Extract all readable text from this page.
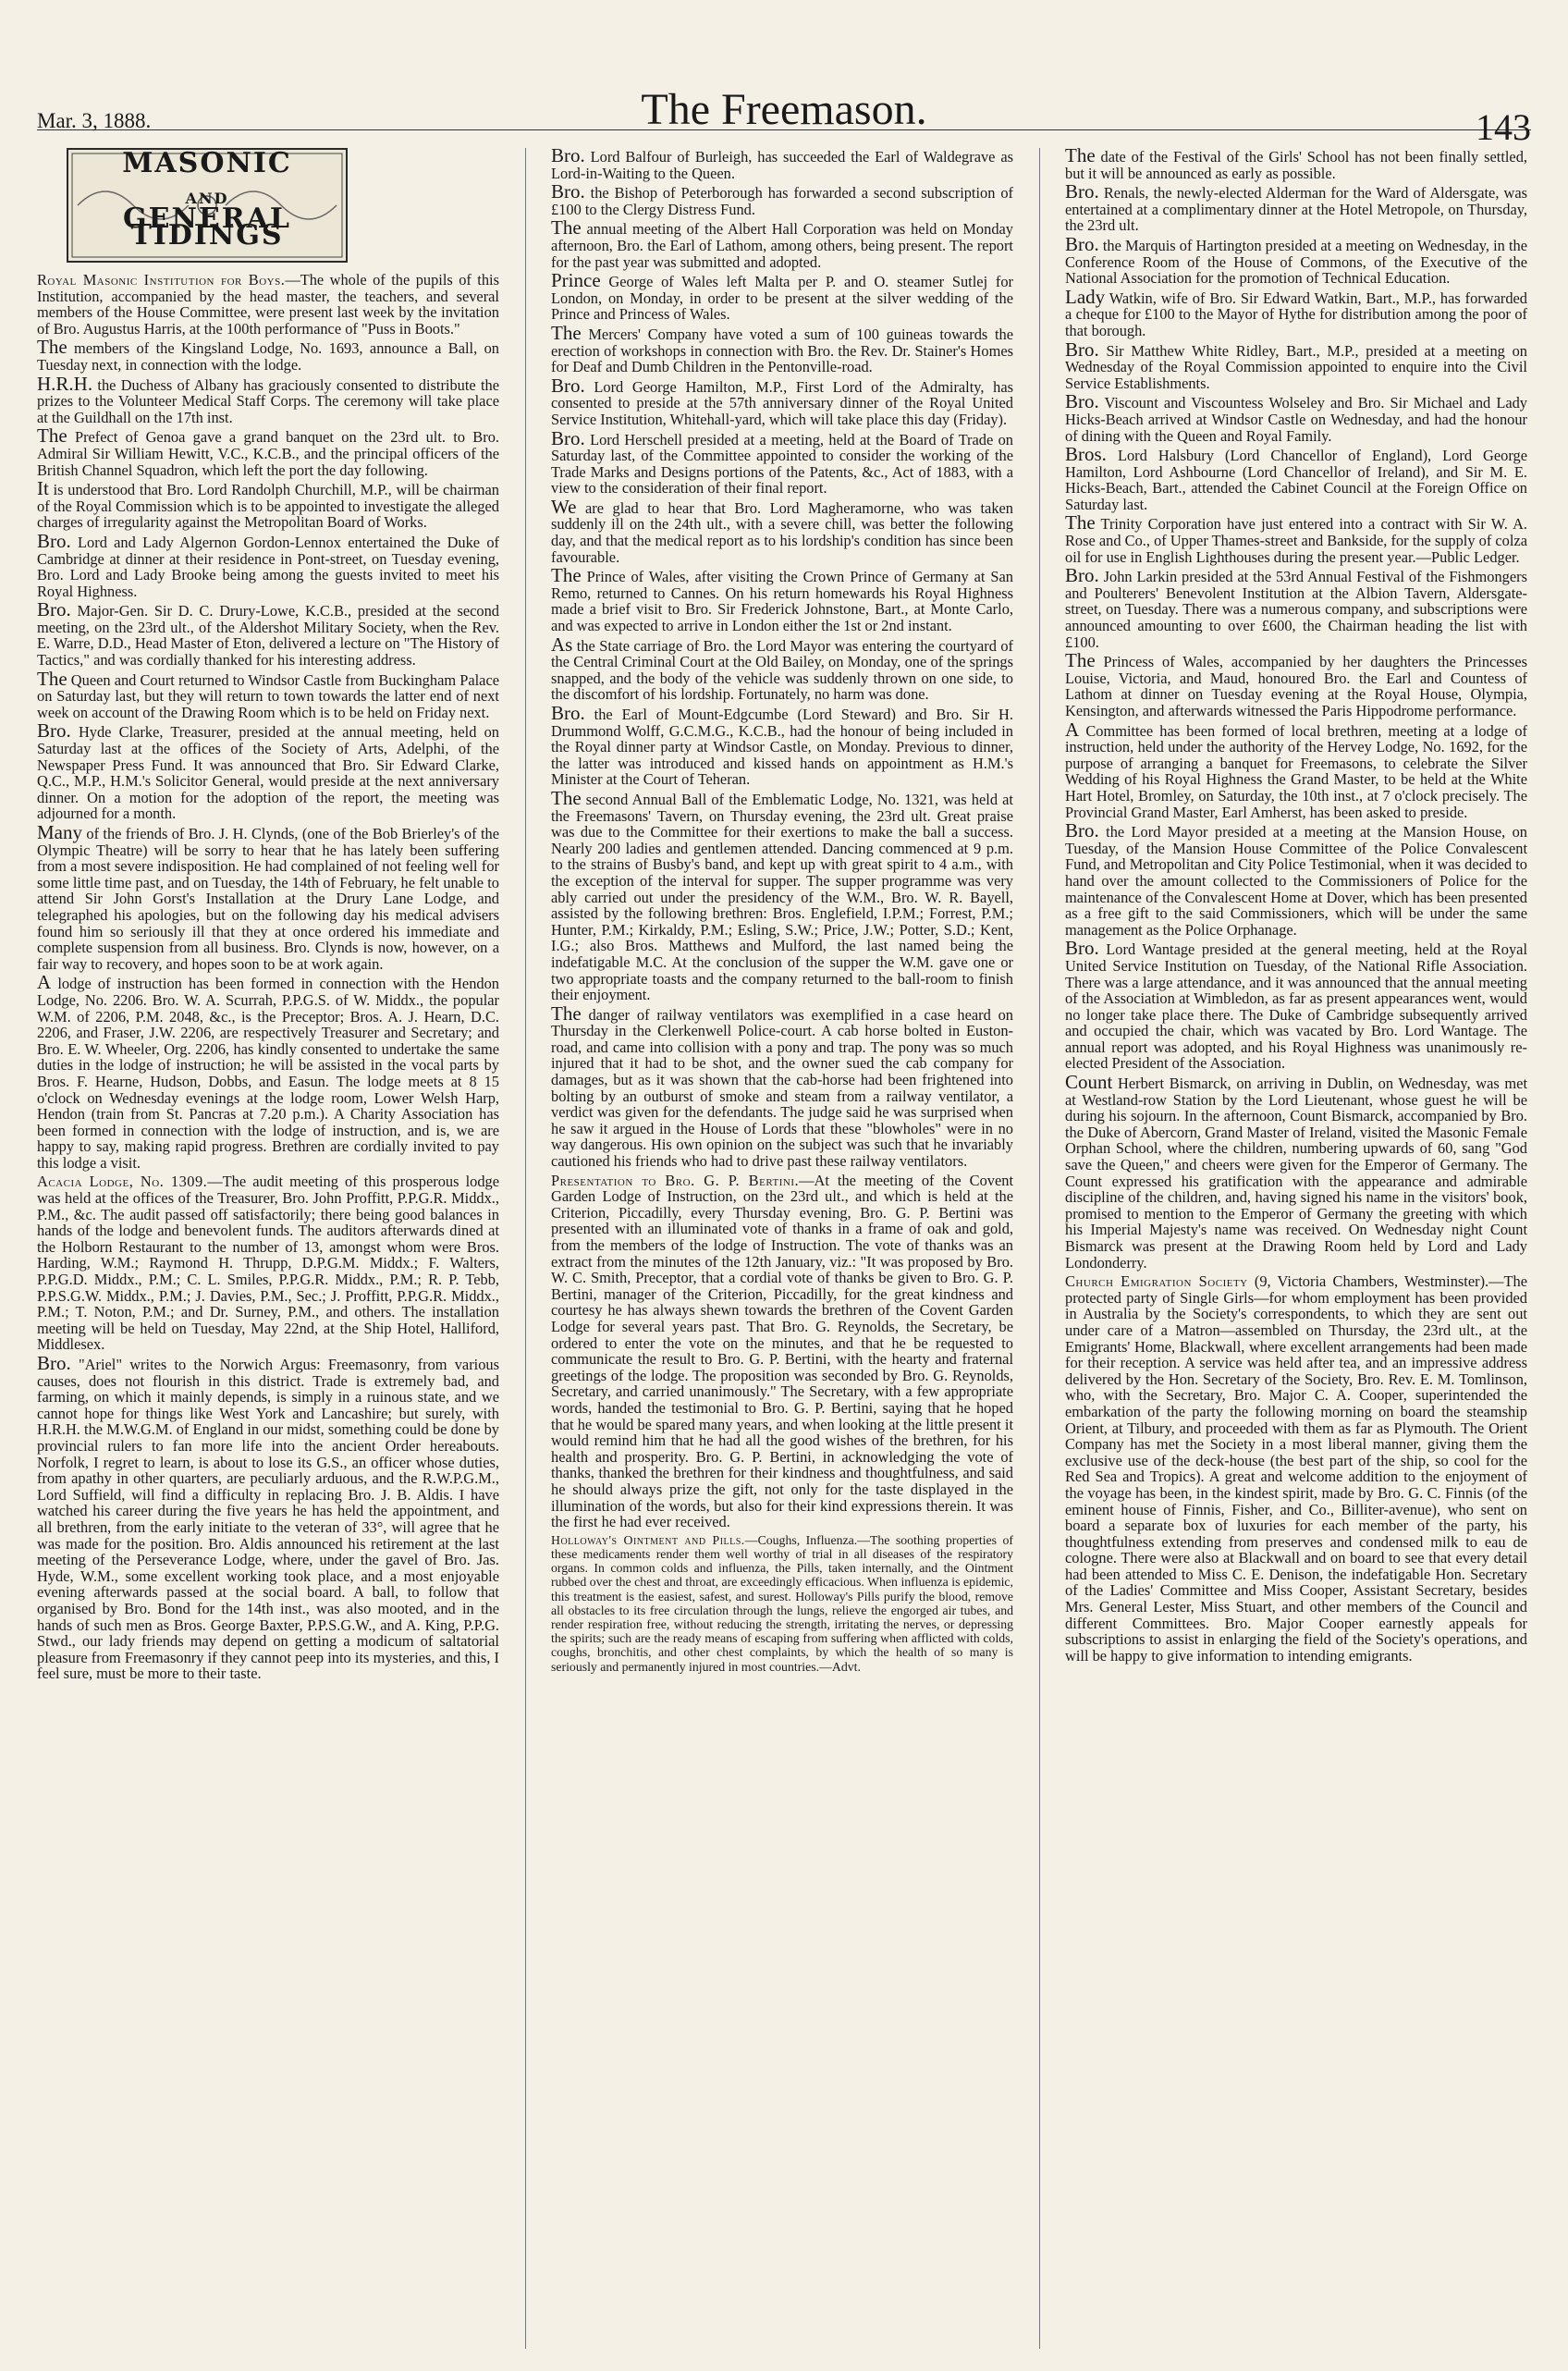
Mar. 3, 1888.	The Freemason.	143
MASONIC
AND
GENERAL TIDINGS

Royal Masonic Institution for Boys.—The whole of the pupils of this Institution, accompanied by the head master, the teachers, and several members of the House Committee, were present last week by the invitation of Bro. Augustus Harris, at the 100th performance of "Puss in Boots."

The members of the Kingsland Lodge, No. 1693, announce a Ball, on Tuesday next, in connection with the lodge.

H.R.H. the Duchess of Albany has graciously consented to distribute the prizes to the Volunteer Medical Staff Corps. The ceremony will take place at the Guildhall on the 17th inst.

The Prefect of Genoa gave a grand banquet on the 23rd ult. to Bro. Admiral Sir William Hewitt, V.C., K.C.B., and the principal officers of the British Channel Squadron, which left the port the day following.

It is understood that Bro. Lord Randolph Churchill, M.P., will be chairman of the Royal Commission which is to be appointed to investigate the alleged charges of irregularity against the Metropolitan Board of Works.

Bro. Lord and Lady Algernon Gordon-Lennox entertained the Duke of Cambridge at dinner at their residence in Pont-street, on Tuesday evening, Bro. Lord and Lady Brooke being among the guests invited to meet his Royal Highness.

Bro. Major-Gen. Sir D. C. Drury-Lowe, K.C.B., presided at the second meeting, on the 23rd ult., of the Aldershot Military Society, when the Rev. E. Warre, D.D., Head Master of Eton, delivered a lecture on "The History of Tactics," and was cordially thanked for his interesting address.

The Queen and Court returned to Windsor Castle from Buckingham Palace on Saturday last, but they will return to town towards the latter end of next week on account of the Drawing Room which is to be held on Friday next.

Bro. Hyde Clarke, Treasurer, presided at the annual meeting, held on Saturday last at the offices of the Society of Arts, Adelphi, of the Newspaper Press Fund. It was announced that Bro. Sir Edward Clarke, Q.C., M.P., H.M.'s Solicitor General, would preside at the next anniversary dinner. On a motion for the adoption of the report, the meeting was adjourned for a month.

Many of the friends of Bro. J. H. Clynds, (one of the Bob Brierley's of the Olympic Theatre) will be sorry to hear that he has lately been suffering from a most severe indisposition. He had complained of not feeling well for some little time past, and on Tuesday, the 14th of February, he felt unable to attend Sir John Gorst's Installation at the Drury Lane Lodge, and telegraphed his apologies, but on the following day his medical advisers found him so seriously ill that they at once ordered his immediate and complete suspension from all business. Bro. Clynds is now, however, on a fair way to recovery, and hopes soon to be at work again.

A lodge of instruction has been formed in connection with the Hendon Lodge, No. 2206. Bro. W. A. Scurrah, P.P.G.S. of W. Middx., the popular W.M. of 2206, P.M. 2048, &c., is the Preceptor; Bros. A. J. Hearn, D.C. 2206, and Fraser, J.W. 2206, are respectively Treasurer and Secretary; and Bro. E. W. Wheeler, Org. 2206, has kindly consented to undertake the same duties in the lodge of instruction; he will be assisted in the vocal parts by Bros. F. Hearne, Hudson, Dobbs, and Easun. The lodge meets at 8 15 o'clock on Wednesday evenings at the lodge room, Lower Welsh Harp, Hendon (train from St. Pancras at 7.20 p.m.). A Charity Association has been formed in connection with the lodge of instruction, and is, we are happy to say, making rapid progress. Brethren are cordially invited to pay this lodge a visit.

Acacia Lodge, No. 1309.—The audit meeting of this prosperous lodge was held at the offices of the Treasurer, Bro. John Proffitt, P.P.G.R. Middx., P.M., &c. The audit passed off satisfactorily; there being good balances in hands of the lodge and benevolent funds. The auditors afterwards dined at the Holborn Restaurant to the number of 13, amongst whom were Bros. Harding, W.M.; Raymond H. Thrupp, D.P.G.M. Middx.; F. Walters, P.P.G.D. Middx., P.M.; C. L. Smiles, P.P.G.R. Middx., P.M.; R. P. Tebb, P.P.S.G.W. Middx., P.M.; J. Davies, P.M., Sec.; J. Proffitt, P.P.G.R. Middx., P.M.; T. Noton, P.M.; and Dr. Surney, P.M., and others. The installation meeting will be held on Tuesday, May 22nd, at the Ship Hotel, Halliford, Middlesex.

Bro. "Ariel" writes to the Norwich Argus: Freemasonry, from various causes, does not flourish in this district. Trade is extremely bad, and farming, on which it mainly depends, is simply in a ruinous state, and we cannot hope for things like West York and Lancashire; but surely, with H.R.H. the M.W.G.M. of England in our midst, something could be done by provincial rulers to fan more life into the ancient Order hereabouts. Norfolk, I regret to learn, is about to lose its G.S., an officer whose duties, from apathy in other quarters, are peculiarly arduous, and the R.W.P.G.M., Lord Suffield, will find a difficulty in replacing Bro. J. B. Aldis. I have watched his career during the five years he has held the appointment, and all brethren, from the early initiate to the veteran of 33°, will agree that he was made for the position. Bro. Aldis announced his retirement at the last meeting of the Perseverance Lodge, where, under the gavel of Bro. Jas. Hyde, W.M., some excellent working took place, and a most enjoyable evening afterwards passed at the social board. A ball, to follow that organised by Bro. Bond for the 14th inst., was also mooted, and in the hands of such men as Bros. George Baxter, P.P.S.G.W., and A. King, P.P.G. Stwd., our lady friends may depend on getting a modicum of saltatorial pleasure from Freemasonry if they cannot peep into its mysteries, and this, I feel sure, must be more to their taste.

Bro. Lord Balfour of Burleigh, has succeeded the Earl of Waldegrave as Lord-in-Waiting to the Queen.

Bro. the Bishop of Peterborough has forwarded a second subscription of £100 to the Clergy Distress Fund.

The annual meeting of the Albert Hall Corporation was held on Monday afternoon, Bro. the Earl of Lathom, among others, being present. The report for the past year was submitted and adopted.

Prince George of Wales left Malta per P. and O. steamer Sutlej for London, on Monday, in order to be present at the silver wedding of the Prince and Princess of Wales.

The Mercers' Company have voted a sum of 100 guineas towards the erection of workshops in connection with Bro. the Rev. Dr. Stainer's Homes for Deaf and Dumb Children in the Pentonville-road.

Bro. Lord George Hamilton, M.P., First Lord of the Admiralty, has consented to preside at the 57th anniversary dinner of the Royal United Service Institution, Whitehall-yard, which will take place this day (Friday).

Bro. Lord Herschell presided at a meeting, held at the Board of Trade on Saturday last, of the Committee appointed to consider the working of the Trade Marks and Designs portions of the Patents, &c., Act of 1883, with a view to the consideration of their final report.

We are glad to hear that Bro. Lord Magheramorne, who was taken suddenly ill on the 24th ult., with a severe chill, was better the following day, and that the medical report as to his lordship's condition has since been favourable.

The Prince of Wales, after visiting the Crown Prince of Germany at San Remo, returned to Cannes. On his return homewards his Royal Highness made a brief visit to Bro. Sir Frederick Johnstone, Bart., at Monte Carlo, and was expected to arrive in London either the 1st or 2nd instant.

As the State carriage of Bro. the Lord Mayor was entering the courtyard of the Central Criminal Court at the Old Bailey, on Monday, one of the springs snapped, and the body of the vehicle was suddenly thrown on one side, to the discomfort of his lordship. Fortunately, no harm was done.

Bro. the Earl of Mount-Edgcumbe (Lord Steward) and Bro. Sir H. Drummond Wolff, G.C.M.G., K.C.B., had the honour of being included in the Royal dinner party at Windsor Castle, on Monday. Previous to dinner, the latter was introduced and kissed hands on appointment as H.M.'s Minister at the Court of Teheran.

The second Annual Ball of the Emblematic Lodge, No. 1321, was held at the Freemasons' Tavern, on Thursday evening, the 23rd ult. Great praise was due to the Committee for their exertions to make the ball a success. Nearly 200 ladies and gentlemen attended. Dancing commenced at 9 p.m. to the strains of Busby's band, and kept up with great spirit to 4 a.m., with the exception of the interval for supper. The supper programme was very ably carried out under the presidency of the W.M., Bro. W. R. Bayell, assisted by the following brethren: Bros. Englefield, I.P.M.; Forrest, P.M.; Hunter, P.M.; Kirkaldy, P.M.; Esling, S.W.; Price, J.W.; Potter, S.D.; Kent, I.G.; also Bros. Matthews and Mulford, the last named being the indefatigable M.C. At the conclusion of the supper the W.M. gave one or two appropriate toasts and the company returned to the ball-room to finish their enjoyment.

The danger of railway ventilators was exemplified in a case heard on Thursday in the Clerkenwell Police-court. A cab horse bolted in Euston-road, and came into collision with a pony and trap. The pony was so much injured that it had to be shot, and the owner sued the cab company for damages, but as it was shown that the cab-horse had been frightened into bolting by an outburst of smoke and steam from a railway ventilator, a verdict was given for the defendants. The judge said he was surprised when he saw it argued in the House of Lords that these "blowholes" were in no way dangerous. His own opinion on the subject was such that he invariably cautioned his friends who had to drive past these railway ventilators.

Presentation to Bro. G. P. Bertini.—At the meeting of the Covent Garden Lodge of Instruction, on the 23rd ult., and which is held at the Criterion, Piccadilly, every Thursday evening, Bro. G. P. Bertini was presented with an illuminated vote of thanks in a frame of oak and gold, from the members of the lodge of Instruction. The vote of thanks was an extract from the minutes of the 12th January, viz.: "It was proposed by Bro. W. C. Smith, Preceptor, that a cordial vote of thanks be given to Bro. G. P. Bertini, manager of the Criterion, Piccadilly, for the great kindness and courtesy he has always shewn towards the brethren of the Covent Garden Lodge for several years past. That Bro. G. Reynolds, the Secretary, be ordered to enter the vote on the minutes, and that he be requested to communicate the result to Bro. G. P. Bertini, with the hearty and fraternal greetings of the lodge. The proposition was seconded by Bro. G. Reynolds, Secretary, and carried unanimously." The Secretary, with a few appropriate words, handed the testimonial to Bro. G. P. Bertini, saying that he hoped that he would be spared many years, and when looking at the little present it would remind him that he had all the good wishes of the brethren, for his health and prosperity. Bro. G. P. Bertini, in acknowledging the vote of thanks, thanked the brethren for their kindness and thoughtfulness, and said he should always prize the gift, not only for the taste displayed in the illumination of the words, but also for their kind expressions therein. It was the first he had ever received.

Holloway's Ointment and Pills.—Coughs, Influenza.—The soothing properties of these medicaments render them well worthy of trial in all diseases of the respiratory organs. In common colds and influenza, the Pills, taken internally, and the Ointment rubbed over the chest and throat, are exceedingly efficacious. When influenza is epidemic, this treatment is the easiest, safest, and surest. Holloway's Pills purify the blood, remove all obstacles to its free circulation through the lungs, relieve the engorged air tubes, and render respiration free, without reducing the strength, irritating the nerves, or depressing the spirits; such are the ready means of escaping from suffering when afflicted with colds, coughs, bronchitis, and other chest complaints, by which the health of so many is seriously and permanently injured in most countries.—Advt.

The date of the Festival of the Girls' School has not been finally settled, but it will be announced as early as possible.

Bro. Renals, the newly-elected Alderman for the Ward of Aldersgate, was entertained at a complimentary dinner at the Hotel Metropole, on Thursday, the 23rd ult.

Bro. the Marquis of Hartington presided at a meeting on Wednesday, in the Conference Room of the House of Commons, of the Executive of the National Association for the promotion of Technical Education.

Lady Watkin, wife of Bro. Sir Edward Watkin, Bart., M.P., has forwarded a cheque for £100 to the Mayor of Hythe for distribution among the poor of that borough.

Bro. Sir Matthew White Ridley, Bart., M.P., presided at a meeting on Wednesday of the Royal Commission appointed to enquire into the Civil Service Establishments.

Bro. Viscount and Viscountess Wolseley and Bro. Sir Michael and Lady Hicks-Beach arrived at Windsor Castle on Wednesday, and had the honour of dining with the Queen and Royal Family.

Bros. Lord Halsbury (Lord Chancellor of England), Lord George Hamilton, Lord Ashbourne (Lord Chancellor of Ireland), and Sir M. E. Hicks-Beach, Bart., attended the Cabinet Council at the Foreign Office on Saturday last.

The Trinity Corporation have just entered into a contract with Sir W. A. Rose and Co., of Upper Thames-street and Bankside, for the supply of colza oil for use in English Lighthouses during the present year.—Public Ledger.

Bro. John Larkin presided at the 53rd Annual Festival of the Fishmongers and Poulterers' Benevolent Institution at the Albion Tavern, Aldersgate-street, on Tuesday. There was a numerous company, and subscriptions were announced amounting to over £600, the Chairman heading the list with £100.

The Princess of Wales, accompanied by her daughters the Princesses Louise, Victoria, and Maud, honoured Bro. the Earl and Countess of Lathom at dinner on Tuesday evening at the Royal House, Olympia, Kensington, and afterwards witnessed the Paris Hippodrome performance.

A Committee has been formed of local brethren, meeting at a lodge of instruction, held under the authority of the Hervey Lodge, No. 1692, for the purpose of arranging a banquet for Freemasons, to celebrate the Silver Wedding of his Royal Highness the Grand Master, to be held at the White Hart Hotel, Bromley, on Saturday, the 10th inst., at 7 o'clock precisely. The Provincial Grand Master, Earl Amherst, has been asked to preside.

Bro. the Lord Mayor presided at a meeting at the Mansion House, on Tuesday, of the Mansion House Committee of the Police Convalescent Fund, and Metropolitan and City Police Testimonial, when it was decided to hand over the amount collected to the Commissioners of Police for the maintenance of the Convalescent Home at Dover, which has been presented as a free gift to the said Commissioners, which will be under the same management as the Police Orphanage.

Bro. Lord Wantage presided at the general meeting, held at the Royal United Service Institution on Tuesday, of the National Rifle Association. There was a large attendance, and it was announced that the annual meeting of the Association at Wimbledon, as far as present appearances went, would no longer take place there. The Duke of Cambridge subsequently arrived and occupied the chair, which was vacated by Bro. Lord Wantage. The annual report was adopted, and his Royal Highness was unanimously re-elected President of the Association.

Count Herbert Bismarck, on arriving in Dublin, on Wednesday, was met at Westland-row Station by the Lord Lieutenant, whose guest he will be during his sojourn. In the afternoon, Count Bismarck, accompanied by Bro. the Duke of Abercorn, Grand Master of Ireland, visited the Masonic Female Orphan School, where the children, numbering upwards of 60, sang "God save the Queen," and cheers were given for the Emperor of Germany. The Count expressed his gratification with the appearance and admirable discipline of the children, and, having signed his name in the visitors' book, promised to mention to the Emperor of Germany the greeting with which his Imperial Majesty's name was received. On Wednesday night Count Bismarck was present at the Drawing Room held by Lord and Lady Londonderry.

Church Emigration Society (9, Victoria Chambers, Westminster).—The protected party of Single Girls—for whom employment has been provided in Australia by the Society's correspondents, to which they are sent out under care of a Matron—assembled on Thursday, the 23rd ult., at the Emigrants' Home, Blackwall, where excellent arrangements had been made for their reception. A service was held after tea, and an impressive address delivered by the Hon. Secretary of the Society, Bro. Rev. E. M. Tomlinson, who, with the Secretary, Bro. Major C. A. Cooper, superintended the embarkation of the party the following morning on board the steamship Orient, at Tilbury, and proceeded with them as far as Plymouth. The Orient Company has met the Society in a most liberal manner, giving them the exclusive use of the deck-house (the best part of the ship, so cool for the Red Sea and Tropics). A great and welcome addition to the enjoyment of the voyage has been, in the kindest spirit, made by Bro. G. C. Finnis (of the eminent house of Finnis, Fisher, and Co., Billiter-avenue), who sent on board a separate box of luxuries for each member of the party, his thoughtfulness extending from preserves and condensed milk to eau de cologne. There were also at Blackwall and on board to see that every detail had been attended to Miss C. E. Denison, the indefatigable Hon. Secretary of the Ladies' Committee and Miss Cooper, Assistant Secretary, besides Mrs. General Lester, Miss Stuart, and other members of the Council and different Committees. Bro. Major Cooper earnestly appeals for subscriptions to assist in enlarging the field of the Society's operations, and will be happy to give information to intending emigrants.
